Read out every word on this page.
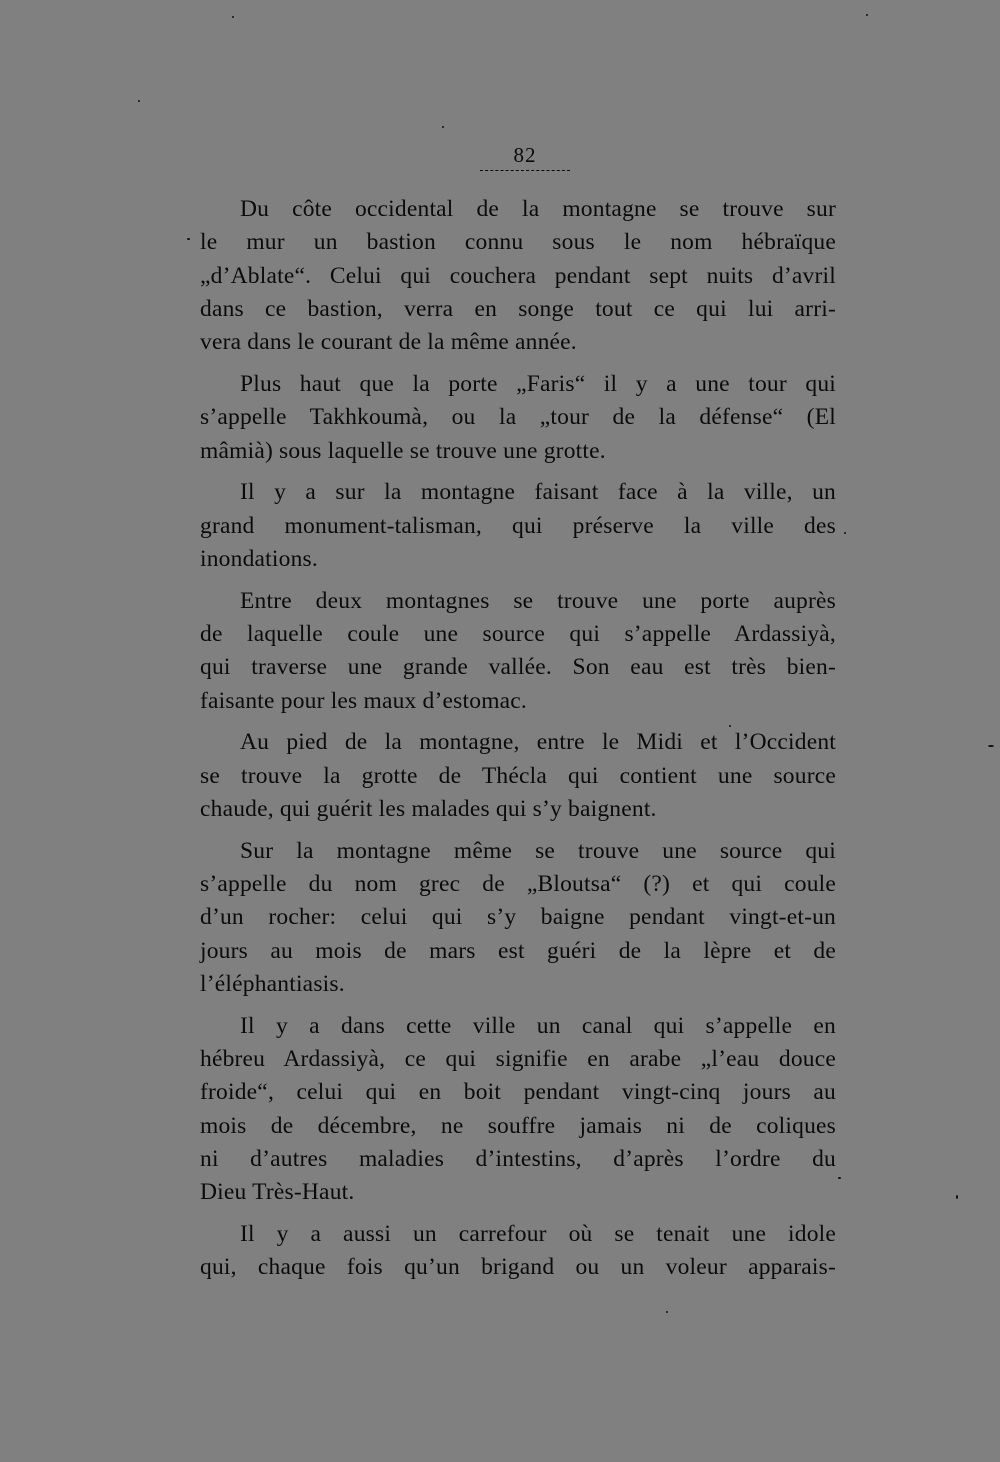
82
Du côte occidental de la montagne se trouve sur
le mur un bastion connu sous le nom hébraïque
„d’Ablate“. Celui qui couchera pendant sept nuits d’avril
dans ce bastion, verra en songe tout ce qui lui arri-
vera dans le courant de la même année.
Plus haut que la porte „Faris“ il y a une tour qui
s’appelle Takhkoumà, ou la „tour de la défense“ (El
mâmià) sous laquelle se trouve une grotte.
Il y a sur la montagne faisant face à la ville, un
grand monument-talisman, qui préserve la ville des
inondations.
Entre deux montagnes se trouve une porte auprès
de laquelle coule une source qui s’appelle Ardassiyà,
qui traverse une grande vallée. Son eau est très bien-
faisante pour les maux d’estomac.
Au pied de la montagne, entre le Midi et l’Occident
se trouve la grotte de Thécla qui contient une source
chaude, qui guérit les malades qui s’y baignent.
Sur la montagne même se trouve une source qui
s’appelle du nom grec de „Bloutsa“ (?) et qui coule
d’un rocher: celui qui s’y baigne pendant vingt-et-un
jours au mois de mars est guéri de la lèpre et de
l’éléphantiasis.
Il y a dans cette ville un canal qui s’appelle en
hébreu Ardassiyà, ce qui signifie en arabe „l’eau douce
froide“, celui qui en boit pendant vingt-cinq jours au
mois de décembre, ne souffre jamais ni de coliques
ni d’autres maladies d’intestins, d’après l’ordre du
Dieu Très-Haut.
Il y a aussi un carrefour où se tenait une idole
qui, chaque fois qu’un brigand ou un voleur apparais-
